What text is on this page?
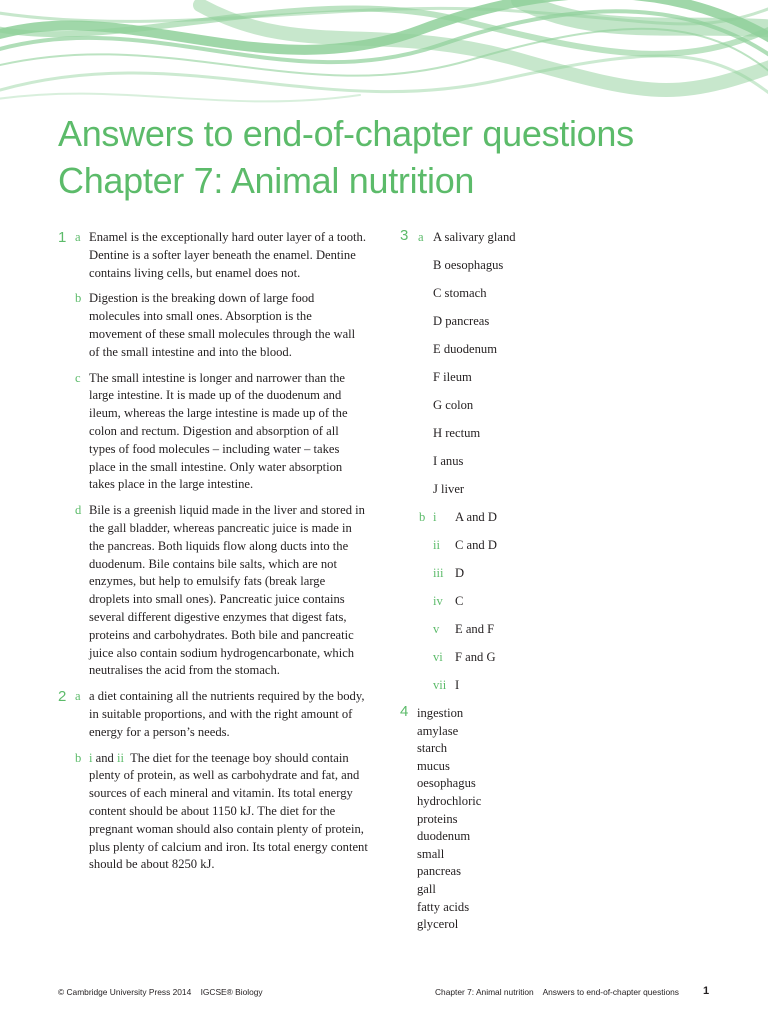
Answers to end-of-chapter questions
Chapter 7: Animal nutrition
1 a Enamel is the exceptionally hard outer layer of a tooth. Dentine is a softer layer beneath the enamel. Dentine contains living cells, but enamel does not.
b Digestion is the breaking down of large food molecules into small ones. Absorption is the movement of these small molecules through the wall of the small intestine and into the blood.
c The small intestine is longer and narrower than the large intestine. It is made up of the duodenum and ileum, whereas the large intestine is made up of the colon and rectum. Digestion and absorption of all types of food molecules – including water – takes place in the small intestine. Only water absorption takes place in the large intestine.
d Bile is a greenish liquid made in the liver and stored in the gall bladder, whereas pancreatic juice is made in the pancreas. Both liquids flow along ducts into the duodenum. Bile contains bile salts, which are not enzymes, but help to emulsify fats (break large droplets into small ones). Pancreatic juice contains several different digestive enzymes that digest fats, proteins and carbohydrates. Both bile and pancreatic juice also contain sodium hydrogencarbonate, which neutralises the acid from the stomach.
2 a a diet containing all the nutrients required by the body, in suitable proportions, and with the right amount of energy for a person’s needs.
b i and ii The diet for the teenage boy should contain plenty of protein, as well as carbohydrate and fat, and sources of each mineral and vitamin. Its total energy content should be about 1150 kJ. The diet for the pregnant woman should also contain plenty of protein, plus plenty of calcium and iron. Its total energy content should be about 8250 kJ.
3 a A salivary gland
B oesophagus
C stomach
D pancreas
E duodenum
F ileum
G colon
H rectum
I anus
J liver
b i A and D
ii C and D
iii D
iv C
v E and F
vi F and G
vii I
4 ingestion
amylase
starch
mucus
oesophagus
hydrochloric
proteins
duodenum
small
pancreas
gall
fatty acids
glycerol
© Cambridge University Press 2014 IGCSE® Biology	Chapter 7: Animal nutrition Answers to end-of-chapter questions 1
